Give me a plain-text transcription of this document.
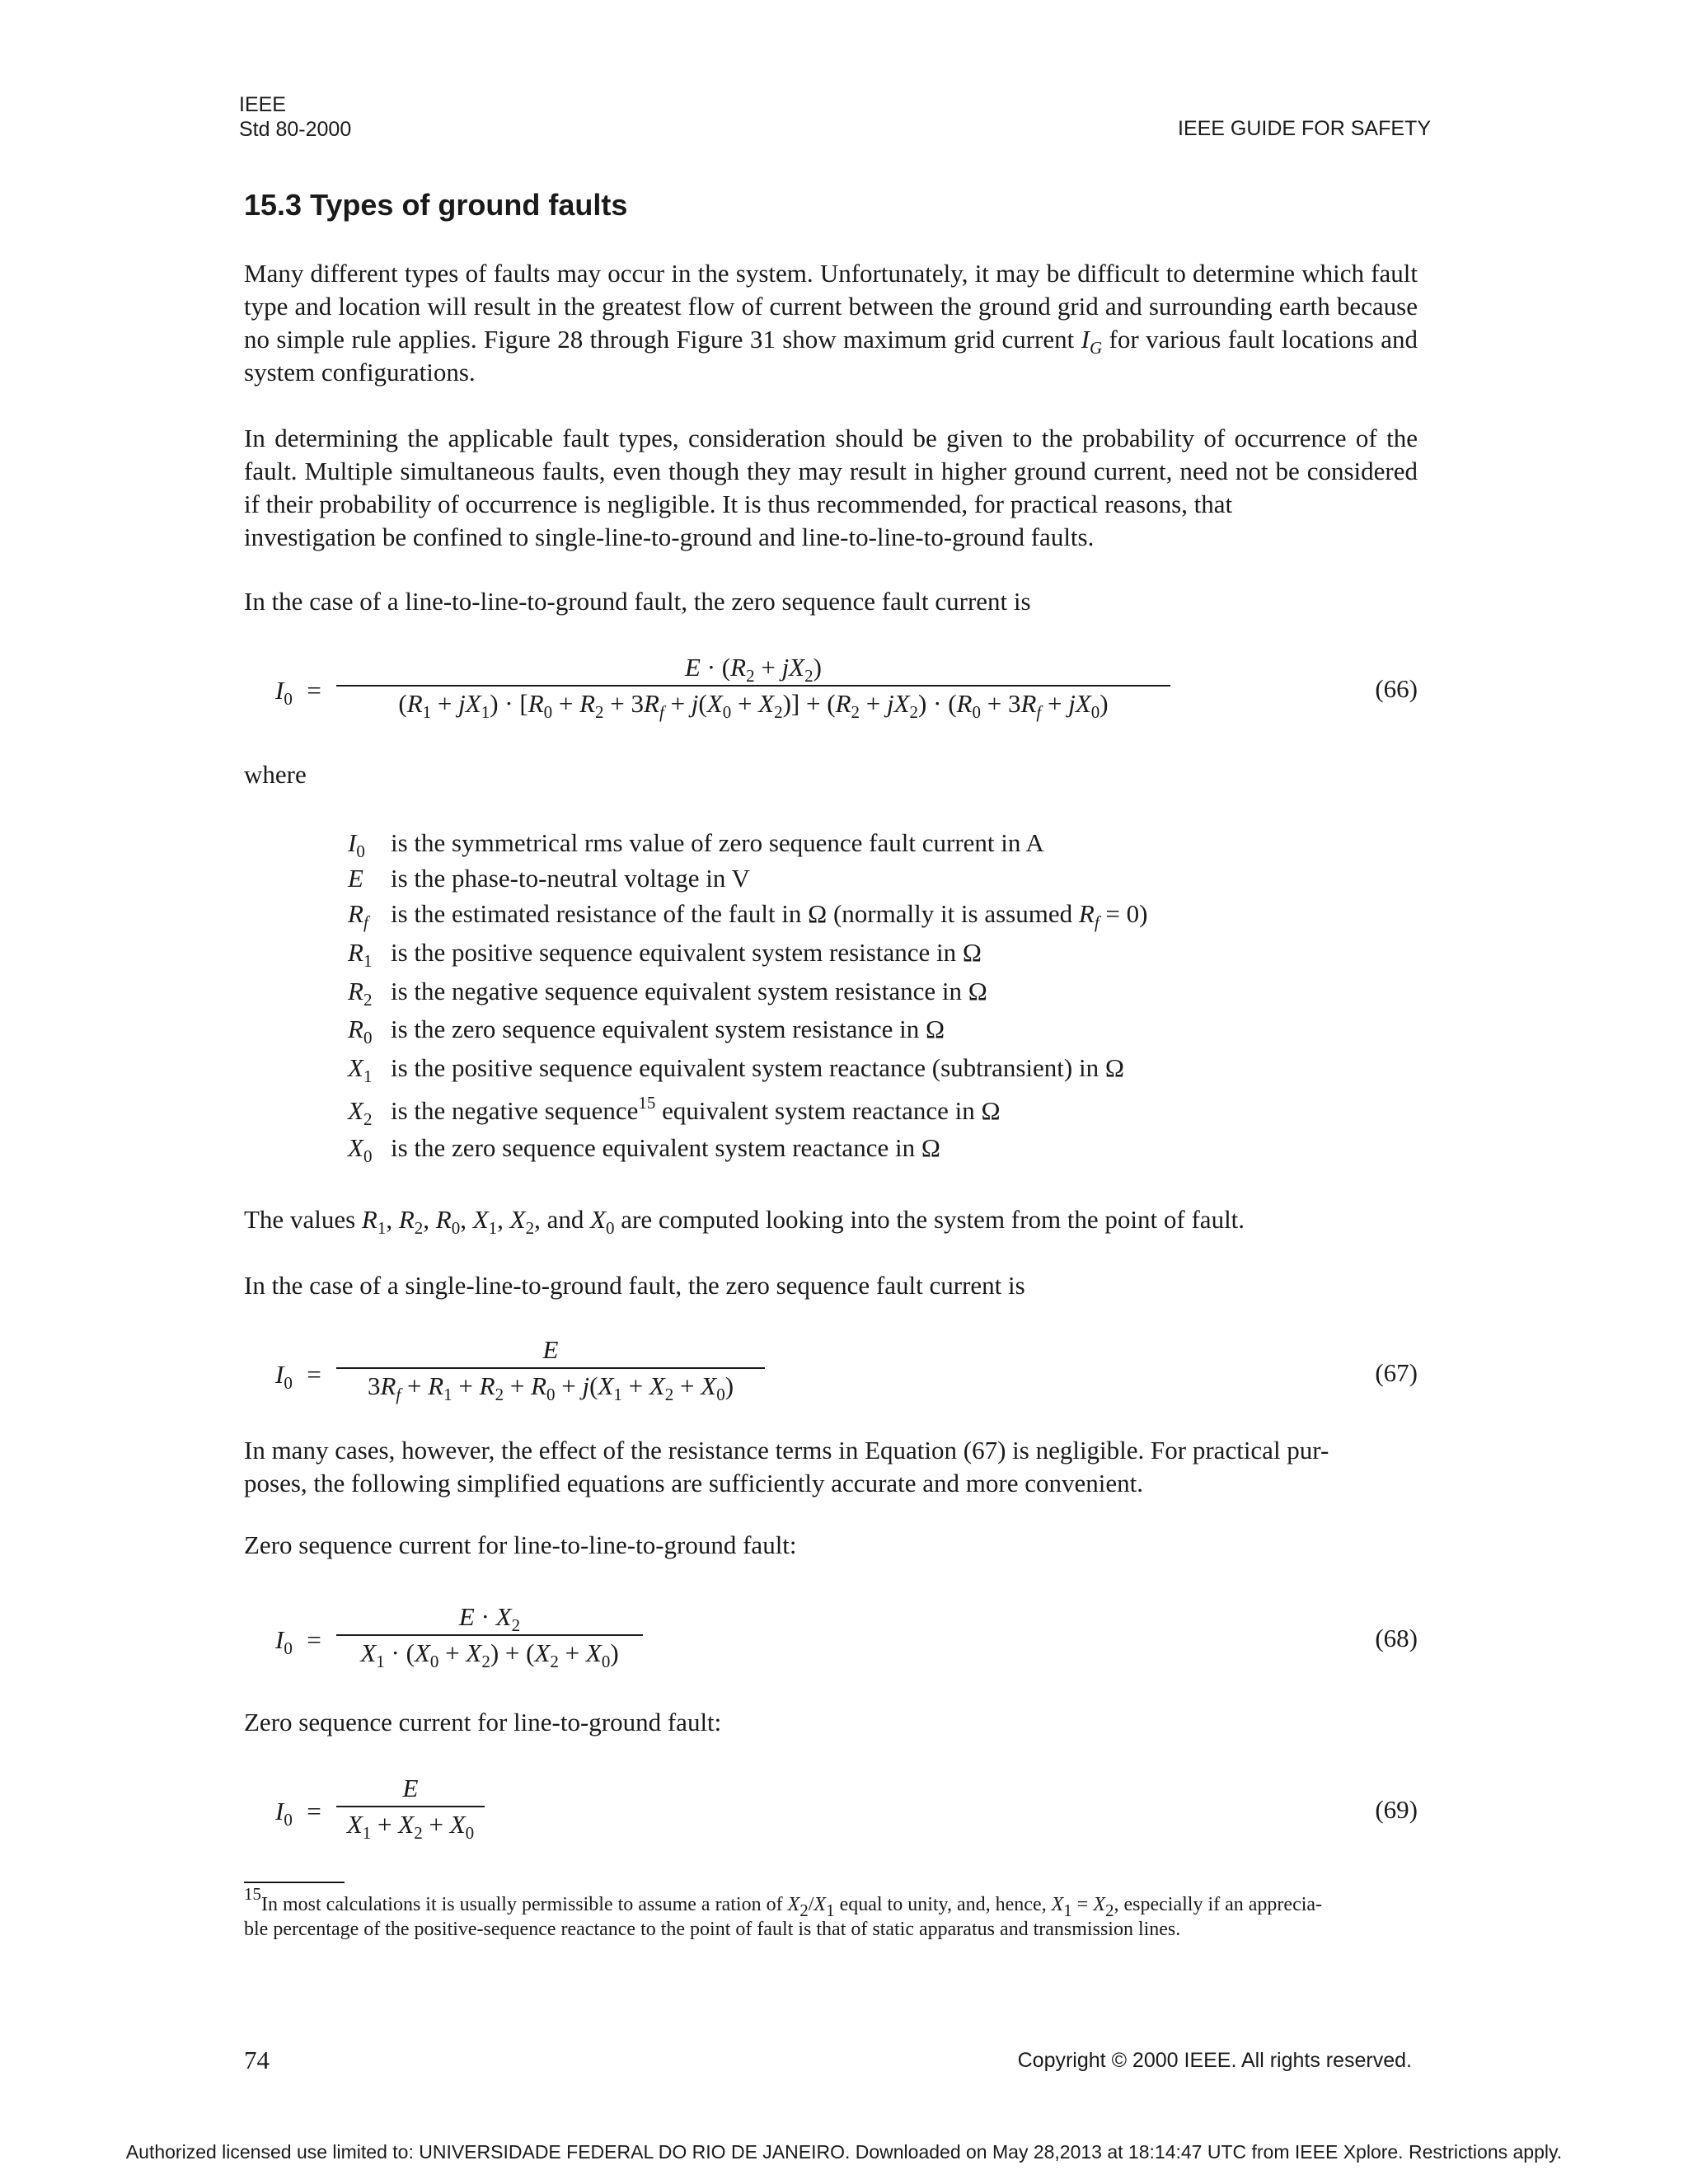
IEEE
Std 80-2000	IEEE GUIDE FOR SAFETY
15.3 Types of ground faults

Many different types of faults may occur in the system. Unfortunately, it may be difficult to determine which fault type and location will result in the greatest flow of current between the ground grid and surrounding earth because no simple rule applies. Figure 28 through Figure 31 show maximum grid current $I_G$ for various fault locations and system configurations.

In determining the applicable fault types, consideration should be given to the probability of occurrence of the fault. Multiple simultaneous faults, even though they may result in higher ground current, need not be considered if their probability of occurrence is negligible. It is thus recommended, for practical reasons, that
investigation be confined to single-line-to-ground and line-to-line-to-ground faults.

In the case of a line-to-line-to-ground fault, the zero sequence fault current is

$I_0$  =
$E \cdot (R_2 + jX_2)$
$(R_1 + jX_1) \cdot [R_0 + R_2 + 3R_f + j(X_0 + X_2)] + (R_2 + jX_2) \cdot (R_0 + 3R_f + jX_0)$
(66)

where

$I_0$ is the symmetrical rms value of zero sequence fault current in A
E is the phase-to-neutral voltage in V
$R_f$ is the estimated resistance of the fault in Ω (normally it is assumed $R_f = 0$)
$R_1$ is the positive sequence equivalent system resistance in Ω
$R_2$ is the negative sequence equivalent system resistance in Ω
$R_0$ is the zero sequence equivalent system resistance in Ω
$X_1$ is the positive sequence equivalent system reactance (subtransient) in Ω
$X_2$ is the negative sequence$^{15}$ equivalent system reactance in Ω
$X_0$ is the zero sequence equivalent system reactance in Ω

The values $R_1$, $R_2$, $R_0$, $X_1$, $X_2$, and $X_0$ are computed looking into the system from the point of fault.

In the case of a single-line-to-ground fault, the zero sequence fault current is

$I_0 = \frac{E}{3R_f + R_1 + R_2 + R_0 + j(X_1 + X_2 + X_0)}$	(67)

In many cases, however, the effect of the resistance terms in Equation (67) is negligible. For practical pur-
poses, the following simplified equations are sufficiently accurate and more convenient.

Zero sequence current for line-to-line-to-ground fault:

$I_0 = \frac{E \cdot X_2}{X_1 \cdot (X_0 + X_2) + (X_2 + X_0)}$	(68)

Zero sequence current for line-to-ground fault:

$I_0 = \frac{E}{X_1 + X_2 + X_0}$	(69)

$^{15}$In most calculations it is usually permissible to assume a ration of $X_2/X_1$ equal to unity, and, hence, $X_1 = X_2$, especially if an apprecia-
ble percentage of the positive-sequence reactance to the point of fault is that of static apparatus and transmission lines.

74	Copyright © 2000 IEEE. All rights reserved.
Authorized licensed use limited to: UNIVERSIDADE FEDERAL DO RIO DE JANEIRO. Downloaded on May 28,2013 at 18:14:47 UTC from IEEE Xplore. Restrictions apply.
